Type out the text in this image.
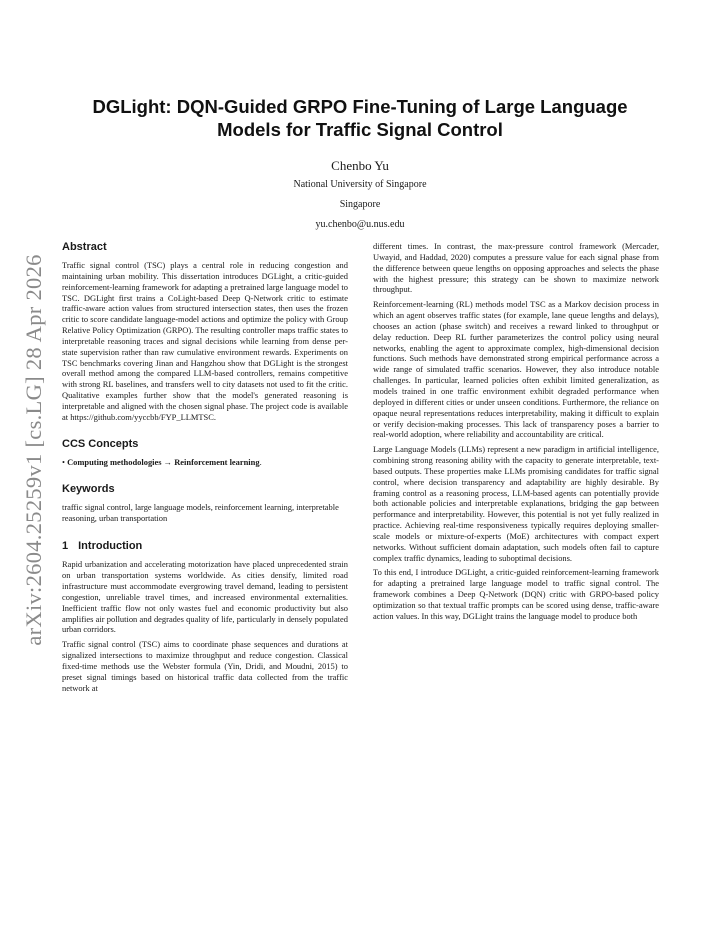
arXiv:2604.25259v1 [cs.LG] 28 Apr 2026
DGLight: DQN-Guided GRPO Fine-Tuning of Large Language Models for Traffic Signal Control
Chenbo Yu
National University of Singapore
Singapore
yu.chenbo@u.nus.edu
Abstract

Traffic signal control (TSC) plays a central role in reducing congestion and maintaining urban mobility. This dissertation introduces DGLight, a critic-guided reinforcement-learning framework for adapting a pretrained large language model to TSC. DGLight first trains a CoLight-based Deep Q-Network critic to estimate traffic-aware action values from structured intersection states, then uses the frozen critic to score candidate language-model actions and optimize the policy with Group Relative Policy Optimization (GRPO). The resulting controller maps traffic states to interpretable reasoning traces and signal decisions while learning from dense per-state supervision rather than raw cumulative environment rewards. Experiments on TSC benchmarks covering Jinan and Hangzhou show that DGLight is the strongest overall method among the compared LLM-based controllers, remains competitive with strong RL baselines, and transfers well to city datasets not used to fit the critic. Qualitative examples further show that the model's generated reasoning is interpretable and aligned with the chosen signal phase. The project code is available at https://github.com/yyccbb/FYP_LLMTSC.

CCS Concepts
• Computing methodologies → Reinforcement learning.
Keywords

traffic signal control, large language models, reinforcement learning, interpretable reasoning, urban transportation

1 Introduction

Rapid urbanization and accelerating motorization have placed unprecedented strain on urban transportation systems worldwide. As cities densify, limited road infrastructure must accommodate evergrowing travel demand, leading to persistent congestion, unreliable travel times, and increased environmental externalities. Inefficient traffic flow not only wastes fuel and economic productivity but also amplifies air pollution and degrades quality of life, particularly in densely populated urban corridors.

Traffic signal control (TSC) aims to coordinate phase sequences and durations at signalized intersections to maximize throughput and reduce congestion. Classical fixed-time methods use the Webster formula (Yin, Dridi, and Moudni, 2015) to preset signal timings based on historical traffic data collected from the traffic network at

different times. In contrast, the max-pressure control framework (Mercader, Uwayid, and Haddad, 2020) computes a pressure value for each signal phase from the difference between queue lengths on opposing approaches and selects the phase with the highest pressure; this strategy can be shown to maximize network throughput.

Reinforcement-learning (RL) methods model TSC as a Markov decision process in which an agent observes traffic states (for example, lane queue lengths and delays), chooses an action (phase switch) and receives a reward linked to throughput or delay reduction. Deep RL further parameterizes the control policy using neural networks, enabling the agent to approximate complex, high-dimensional decision functions. Such methods have demonstrated strong empirical performance across a wide range of simulated traffic scenarios. However, they also introduce notable challenges. In particular, learned policies often exhibit limited generalization, as models trained in one traffic environment exhibit degraded performance when deployed in different cities or under unseen conditions. Furthermore, the reliance on opaque neural representations reduces interpretability, making it difficult to explain or verify decision-making processes. This lack of transparency poses a barrier to real-world adoption, where reliability and accountability are critical.

Large Language Models (LLMs) represent a new paradigm in artificial intelligence, combining strong reasoning ability with the capacity to generate interpretable, text-based outputs. These properties make LLMs promising candidates for traffic signal control, where decision transparency and adaptability are highly desirable. By framing control as a reasoning process, LLM-based agents can potentially provide both actionable policies and interpretable explanations, bridging the gap between performance and interpretability. However, this potential is not yet fully realized in practice. Achieving real-time responsiveness typically requires deploying smaller-scale models or mixture-of-experts (MoE) architectures with compact expert networks. Without sufficient domain adaptation, such models often fail to capture complex traffic dynamics, leading to suboptimal decisions.

To this end, I introduce DGLight, a critic-guided reinforcement-learning framework for adapting a pretrained large language model to traffic signal control. The framework combines a Deep Q-Network (DQN) critic with GRPO-based policy optimization so that textual traffic prompts can be scored using dense, traffic-aware action values. In this way, DGLight trains the language model to produce both
